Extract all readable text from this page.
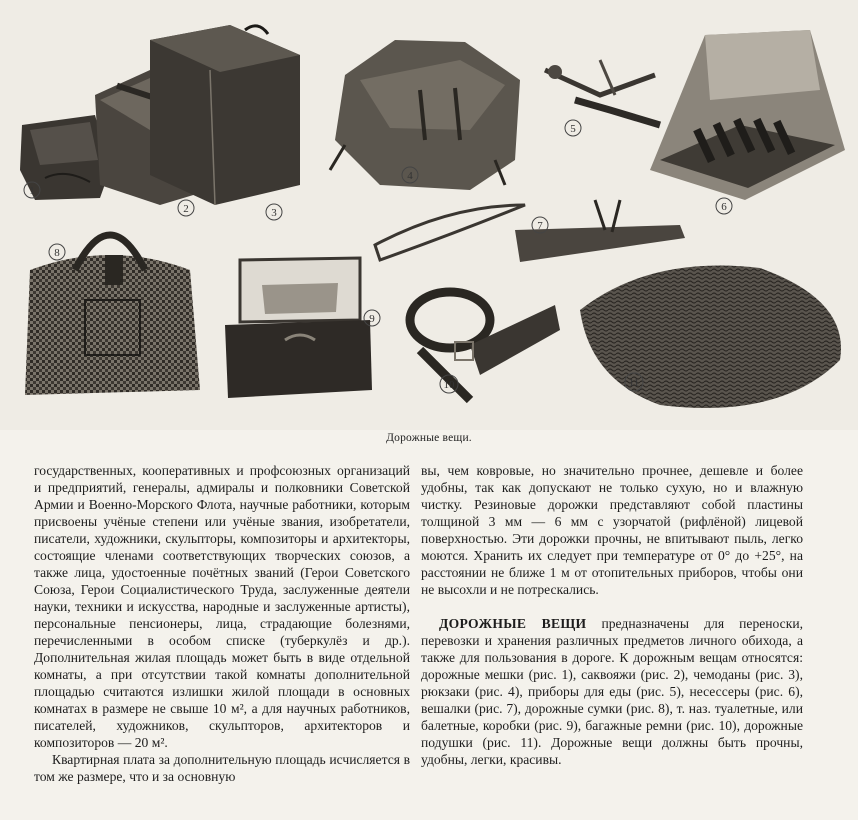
1
2	3
4
5
6
7
8
9
10	11
Дорожные вещи.

государственных, кооперативных и профсоюзных организаций и предприятий, генералы, адмиралы и полковники Советской Армии и Военно-Морского Флота, научные работники, которым присвоены учёные степени или учёные звания, изобретатели, писатели, художники, скульпторы, композиторы и архитекторы, состоящие членами соответствующих творческих союзов, а также лица, удостоенные почётных званий (Герои Советского Союза, Герои Социалистического Труда, заслуженные деятели науки, техники и искусства, народные и заслуженные артисты), персональные пенсионеры, лица, страдающие болезнями, перечисленными в особом списке (туберкулёз и др.). Дополнительная жилая площадь может быть в виде отдельной комнаты, а при отсутствии такой комнаты дополнительной площадью считаются излишки жилой площади в основных комнатах в размере не свыше 10 м², а для научных работников, писателей, художников, скульпторов, архитекторов и композиторов — 20 м².

Квартирная плата за дополнительную площадь исчисляется в том же размере, что и за основную

вы, чем ковровые, но значительно прочнее, дешевле и более удобны, так как допускают не только сухую, но и влажную чистку. Резиновые дорожки представляют собой пластины толщиной 3 мм — 6 мм с узорчатой (рифлёной) лицевой поверхностью. Эти дорожки прочны, не впитывают пыль, легко моются. Хранить их следует при температуре от 0° до +25°, на расстоянии не ближе 1 м от отопительных приборов, чтобы они не высохли и не потрескались.

ДОРОЖНЫЕ ВЕЩИ предназначены для переноски, перевозки и хранения различных предметов личного обихода, а также для пользования в дороге. К дорожным вещам относятся: дорожные мешки (рис. 1), саквояжи (рис. 2), чемоданы (рис. 3), рюкзаки (рис. 4), приборы для еды (рис. 5), несессеры (рис. 6), вешалки (рис. 7), дорожные сумки (рис. 8), т. наз. туалетные, или балетные, коробки (рис. 9), багажные ремни (рис. 10), дорожные подушки (рис. 11). Дорожные вещи должны быть прочны, удобны, легки, красивы.
